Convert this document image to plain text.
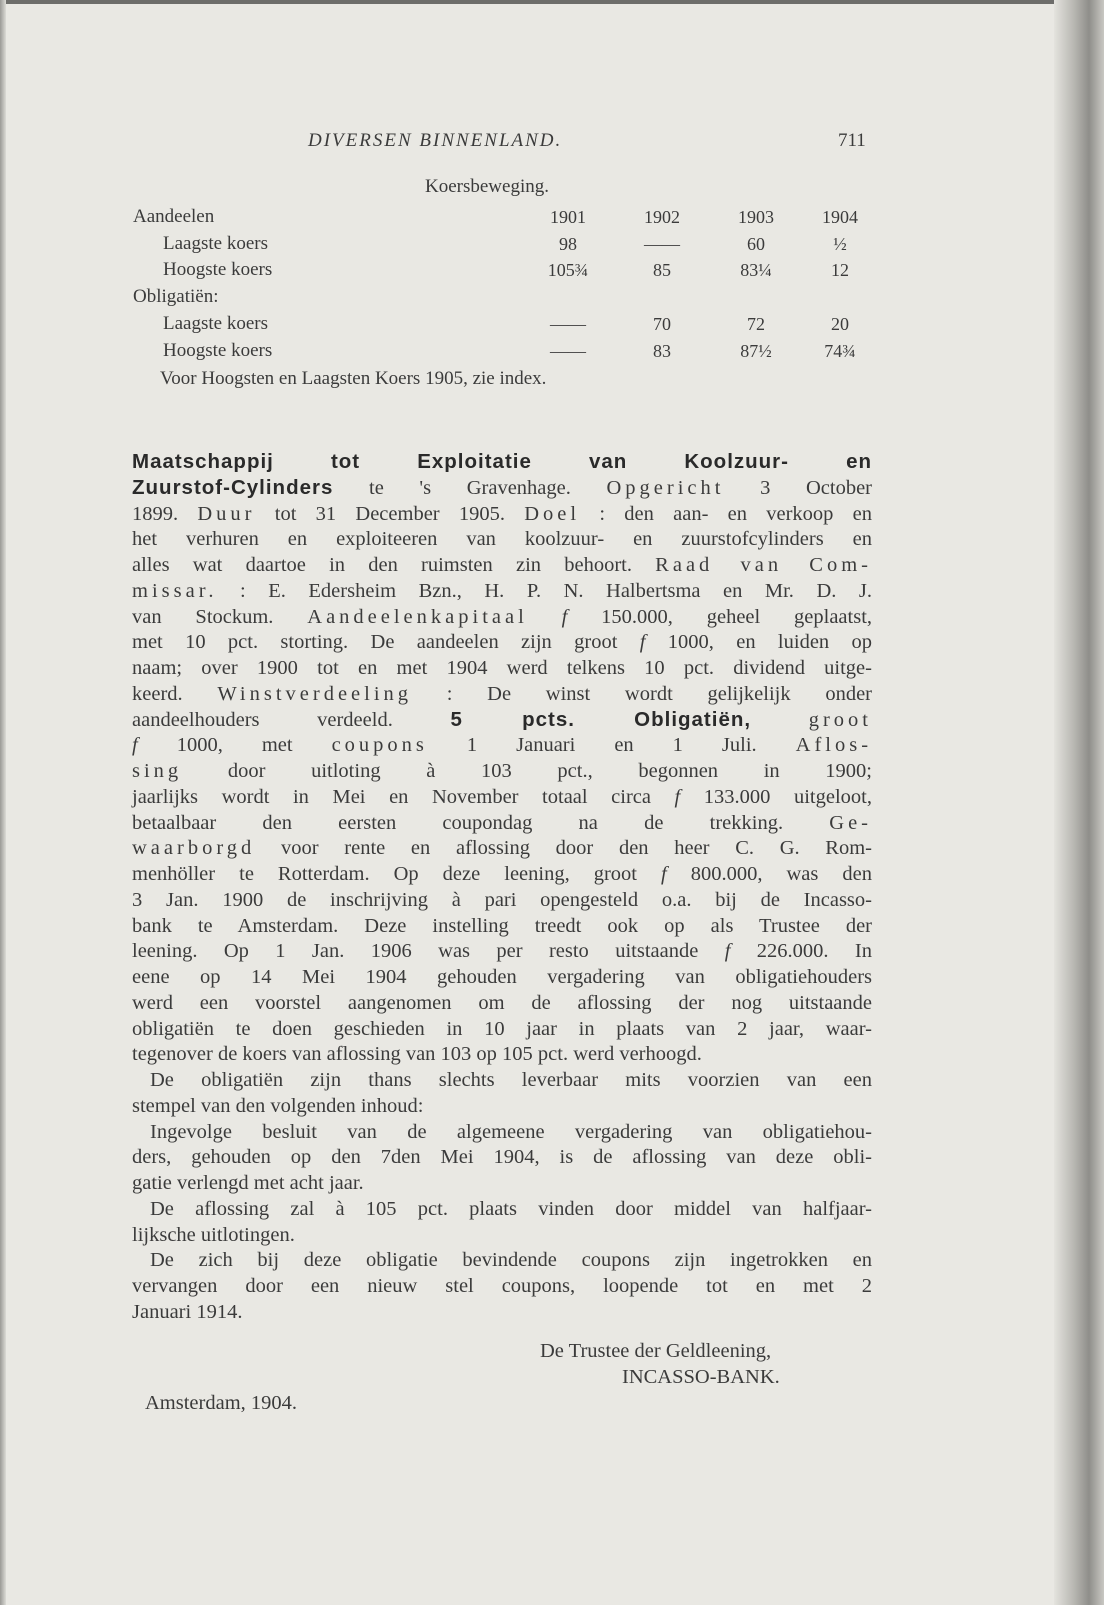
DIVERSEN BINNENLAND.	711
Koersbeweging.
Aandeelen	1901	1902	1903	1904
Laagste koers	98	——	60	½
Hoogste koers	105¾	85	83¼	12
Obligatiën:
Laagste koers	——	70	72	20
Hoogste koers	——	83	87½	74¾
Voor Hoogsten en Laagsten Koers 1905, zie index.
Maatschappij tot Exploitatie van Koolzuur- en
Zuurstof-Cylinders te 's Gravenhage. Opgericht 3 October
1899. Duur tot 31 December 1905. Doel : den aan- en verkoop en
het verhuren en exploiteeren van koolzuur- en zuurstofcylinders en
alles wat daartoe in den ruimsten zin behoort. Raad van Com-
missar. : E. Edersheim Bzn., H. P. N. Halbertsma en Mr. D. J.
van Stockum. Aandeelenkapitaal f 150.000, geheel geplaatst,
met 10 pct. storting. De aandeelen zijn groot f 1000, en luiden op
naam; over 1900 tot en met 1904 werd telkens 10 pct. dividend uitge-
keerd. Winstverdeeling : De winst wordt gelijkelijk onder
aandeelhouders verdeeld. 5 pcts. Obligatiën,	groot
f 1000, met coupons 1 Januari en 1 Juli. Aflos-
sing door uitloting à 103 pct., begonnen in 1900;
jaarlijks wordt in Mei en November totaal circa f 133.000 uitgeloot,
betaalbaar den eersten coupondag na de trekking. Ge-
waarborgd voor rente en aflossing door den heer C. G. Rom-
menhöller te Rotterdam. Op deze leening, groot f 800.000, was den
3 Jan. 1900 de inschrijving à pari opengesteld o.a. bij de Incasso-
bank te Amsterdam. Deze instelling treedt ook op als Trustee der
leening. Op 1 Jan. 1906 was per resto uitstaande f 226.000. In
eene op 14 Mei 1904 gehouden vergadering van obligatiehouders
werd een voorstel aangenomen om de aflossing der nog uitstaande
obligatiën te doen geschieden in 10 jaar in plaats van 2 jaar, waar-
tegenover de koers van aflossing van 103 op 105 pct. werd verhoogd.
De obligatiën zijn thans slechts leverbaar mits voorzien van een
stempel van den volgenden inhoud:
Ingevolge besluit van de algemeene vergadering van obligatiehou-
ders, gehouden op den 7den Mei 1904, is de aflossing van deze obli-
gatie verlengd met acht jaar.
De aflossing zal à 105 pct. plaats vinden door middel van halfjaar-
lijksche uitlotingen.
De zich bij deze obligatie bevindende coupons zijn ingetrokken en
vervangen door een nieuw stel coupons, loopende tot en met 2
Januari 1914.
De Trustee der Geldleening,
INCASSO-BANK.
Amsterdam, 1904.
